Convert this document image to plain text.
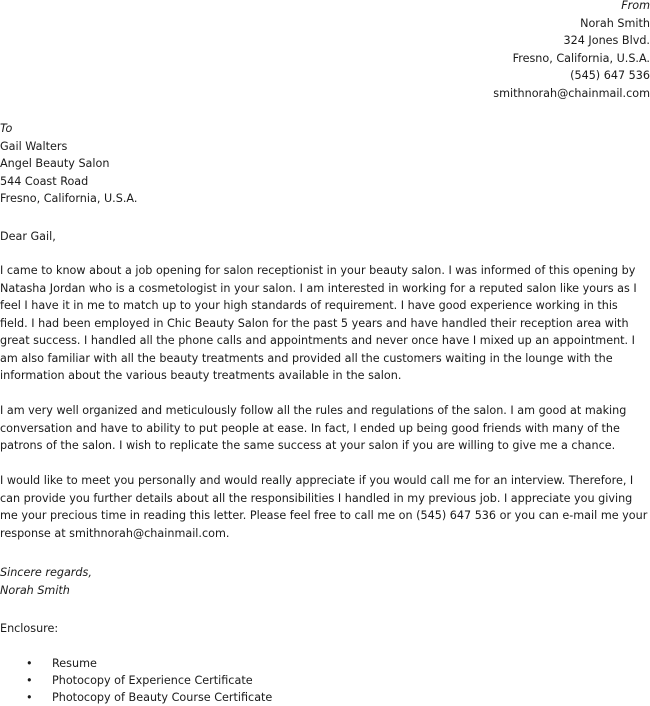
From
Norah Smith
324 Jones Blvd.
Fresno, California, U.S.A.
(545) 647 536
smithnorah@chainmail.com
To
Gail Walters
Angel Beauty Salon
544 Coast Road
Fresno, California, U.S.A.
Dear Gail,

I came to know about a job opening for salon receptionist in your beauty salon. I was informed of this opening by Natasha Jordan who is a cosmetologist in your salon. I am interested in working for a reputed salon like yours as I feel I have it in me to match up to your high standards of requirement. I have good experience working in this field. I had been employed in Chic Beauty Salon for the past 5 years and have handled their reception area with great success. I handled all the phone calls and appointments and never once have I mixed up an appointment. I am also familiar with all the beauty treatments and provided all the customers waiting in the lounge with the information about the various beauty treatments available in the salon.

I am very well organized and meticulously follow all the rules and regulations of the salon. I am good at making conversation and have to ability to put people at ease. In fact, I ended up being good friends with many of the patrons of the salon. I wish to replicate the same success at your salon if you are willing to give me a chance.

I would like to meet you personally and would really appreciate if you would call me for an interview. Therefore, I can provide you further details about all the responsibilities I handled in my previous job. I appreciate you giving me your precious time in reading this letter. Please feel free to call me on (545) 647 536 or you can e-mail me your response at smithnorah@chainmail.com.

Sincere regards,
Norah Smith
Enclosure:
• Resume
• Photocopy of Experience Certificate
• Photocopy of Beauty Course Certificate
